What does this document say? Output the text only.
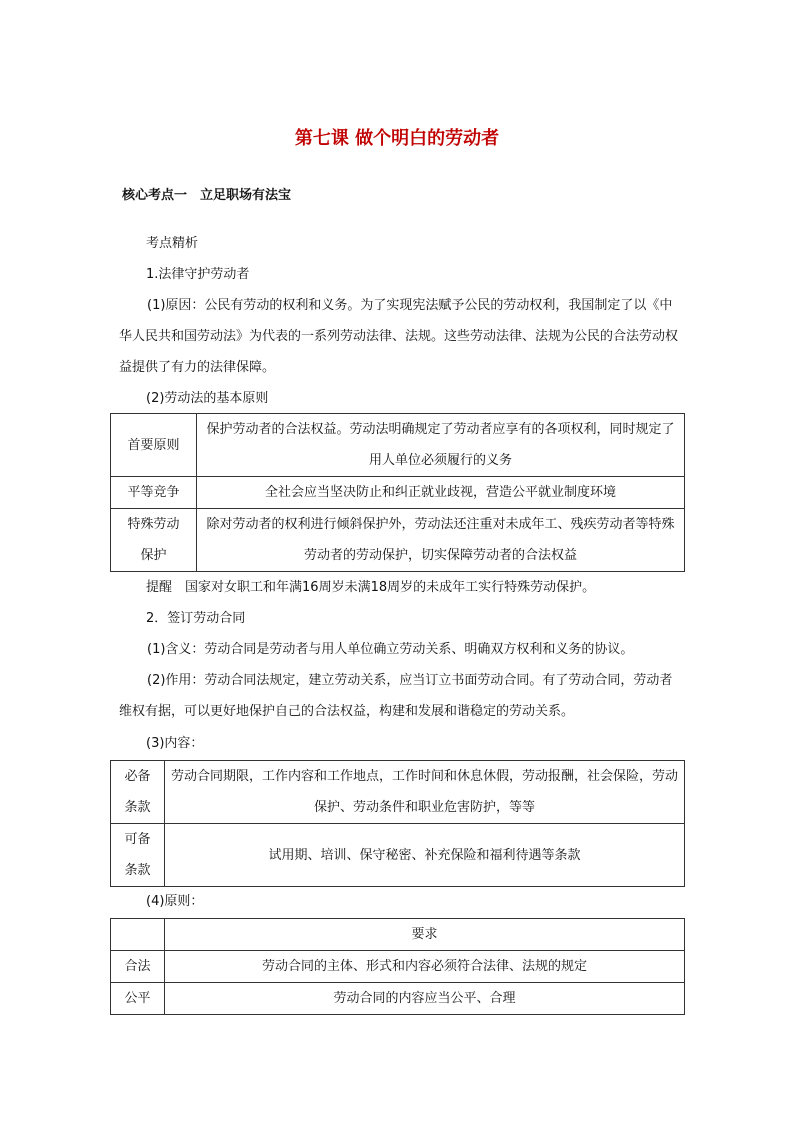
第七课 做个明白的劳动者
核心考点一　立足职场有法宝

考点精析

1.法律守护劳动者

(1)原因：公民有劳动的权利和义务。为了实现宪法赋予公民的劳动权利，我国制定了以《中华人民共和国劳动法》为代表的一系列劳动法律、法规。这些劳动法律、法规为公民的合法劳动权益提供了有力的法律保障。

(2)劳动法的基本原则

首要原则	保护劳动者的合法权益。劳动法明确规定了劳动者应享有的各项权利，同时规定了用人单位必须履行的义务
平等竞争	全社会应当坚决防止和纠正就业歧视，营造公平就业制度环境
特殊劳动保护	除对劳动者的权利进行倾斜保护外，劳动法还注重对未成年工、残疾劳动者等特殊劳动者的劳动保护，切实保障劳动者的合法权益

提醒　 国家对女职工和年满16周岁未满18周岁的未成年工实行特殊劳动保护。

2．签订劳动合同

(1)含义：劳动合同是劳动者与用人单位确立劳动关系、明确双方权利和义务的协议。

(2)作用：劳动合同法规定，建立劳动关系，应当订立书面劳动合同。有了劳动合同，劳动者维权有据，可以更好地保护自己的合法权益，构建和发展和谐稳定的劳动关系。

(3)内容：

必备条款	劳动合同期限，工作内容和工作地点，工作时间和休息休假，劳动报酬，社会保险，劳动保护、劳动条件和职业危害防护，等等
可备条款	试用期、培训、保守秘密、补充保险和福利待遇等条款

(4)原则：

	要求
合法	劳动合同的主体、形式和内容必须符合法律、法规的规定
公平	劳动合同的内容应当公平、合理
